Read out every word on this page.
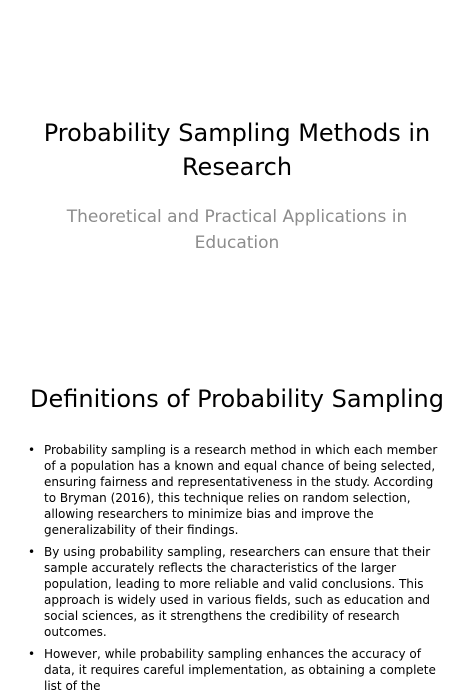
Probability Sampling Methods in Research

Theoretical and Practical Applications in Education

Definitions of Probability Sampling
• Probability sampling is a research method in which each member of a population has a known and equal chance of being selected, ensuring fairness and representativeness in the study. According to Bryman (2016), this technique relies on random selection, allowing researchers to minimize bias and improve the generalizability of their findings.
• By using probability sampling, researchers can ensure that their sample accurately reflects the characteristics of the larger population, leading to more reliable and valid conclusions. This approach is widely used in various fields, such as education and social sciences, as it strengthens the credibility of research outcomes.
• However, while probability sampling enhances the accuracy of data, it requires careful implementation, as obtaining a complete list of the
